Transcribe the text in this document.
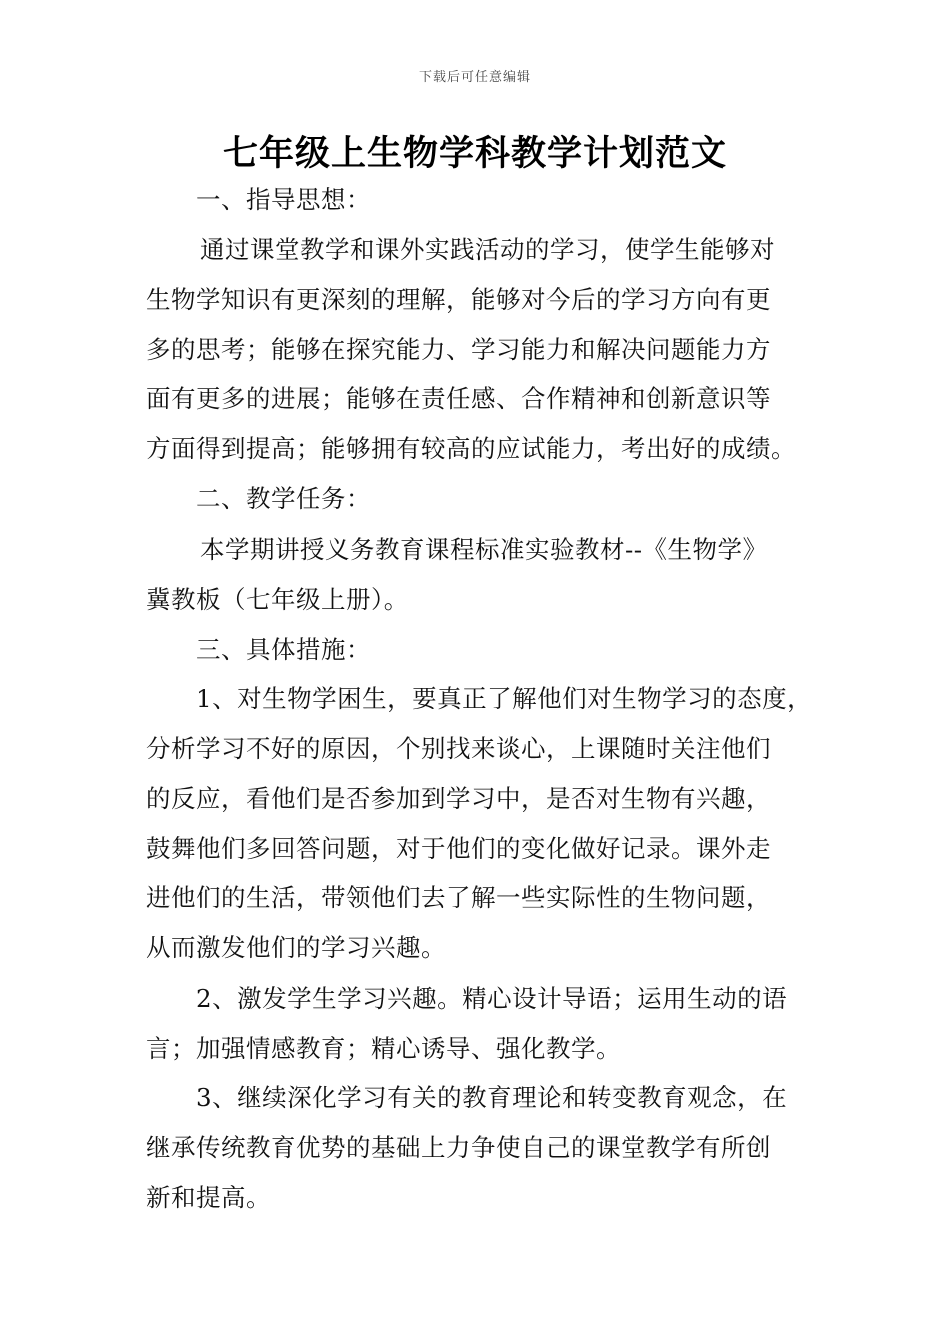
下载后可任意编辑
七年级上生物学科教学计划范文
一、指导思想：
通过课堂教学和课外实践活动的学习，使学生能够对
生物学知识有更深刻的理解，能够对今后的学习方向有更
多的思考；能够在探究能力、学习能力和解决问题能力方
面有更多的进展；能够在责任感、合作精神和创新意识等
方面得到提高；能够拥有较高的应试能力，考出好的成绩。
二、教学任务：
本学期讲授义务教育课程标准实验教材--《生物学》
冀教板（七年级上册）。
三、具体措施：
1、对生物学困生，要真正了解他们对生物学习的态度，
分析学习不好的原因，个别找来谈心，上课随时关注他们
的反应，看他们是否参加到学习中，是否对生物有兴趣，
鼓舞他们多回答问题，对于他们的变化做好记录。课外走
进他们的生活，带领他们去了解一些实际性的生物问题，
从而激发他们的学习兴趣。
2、激发学生学习兴趣。精心设计导语；运用生动的语
言；加强情感教育；精心诱导、强化教学。
3、继续深化学习有关的教育理论和转变教育观念，在
继承传统教育优势的基础上力争使自己的课堂教学有所创
新和提高。
